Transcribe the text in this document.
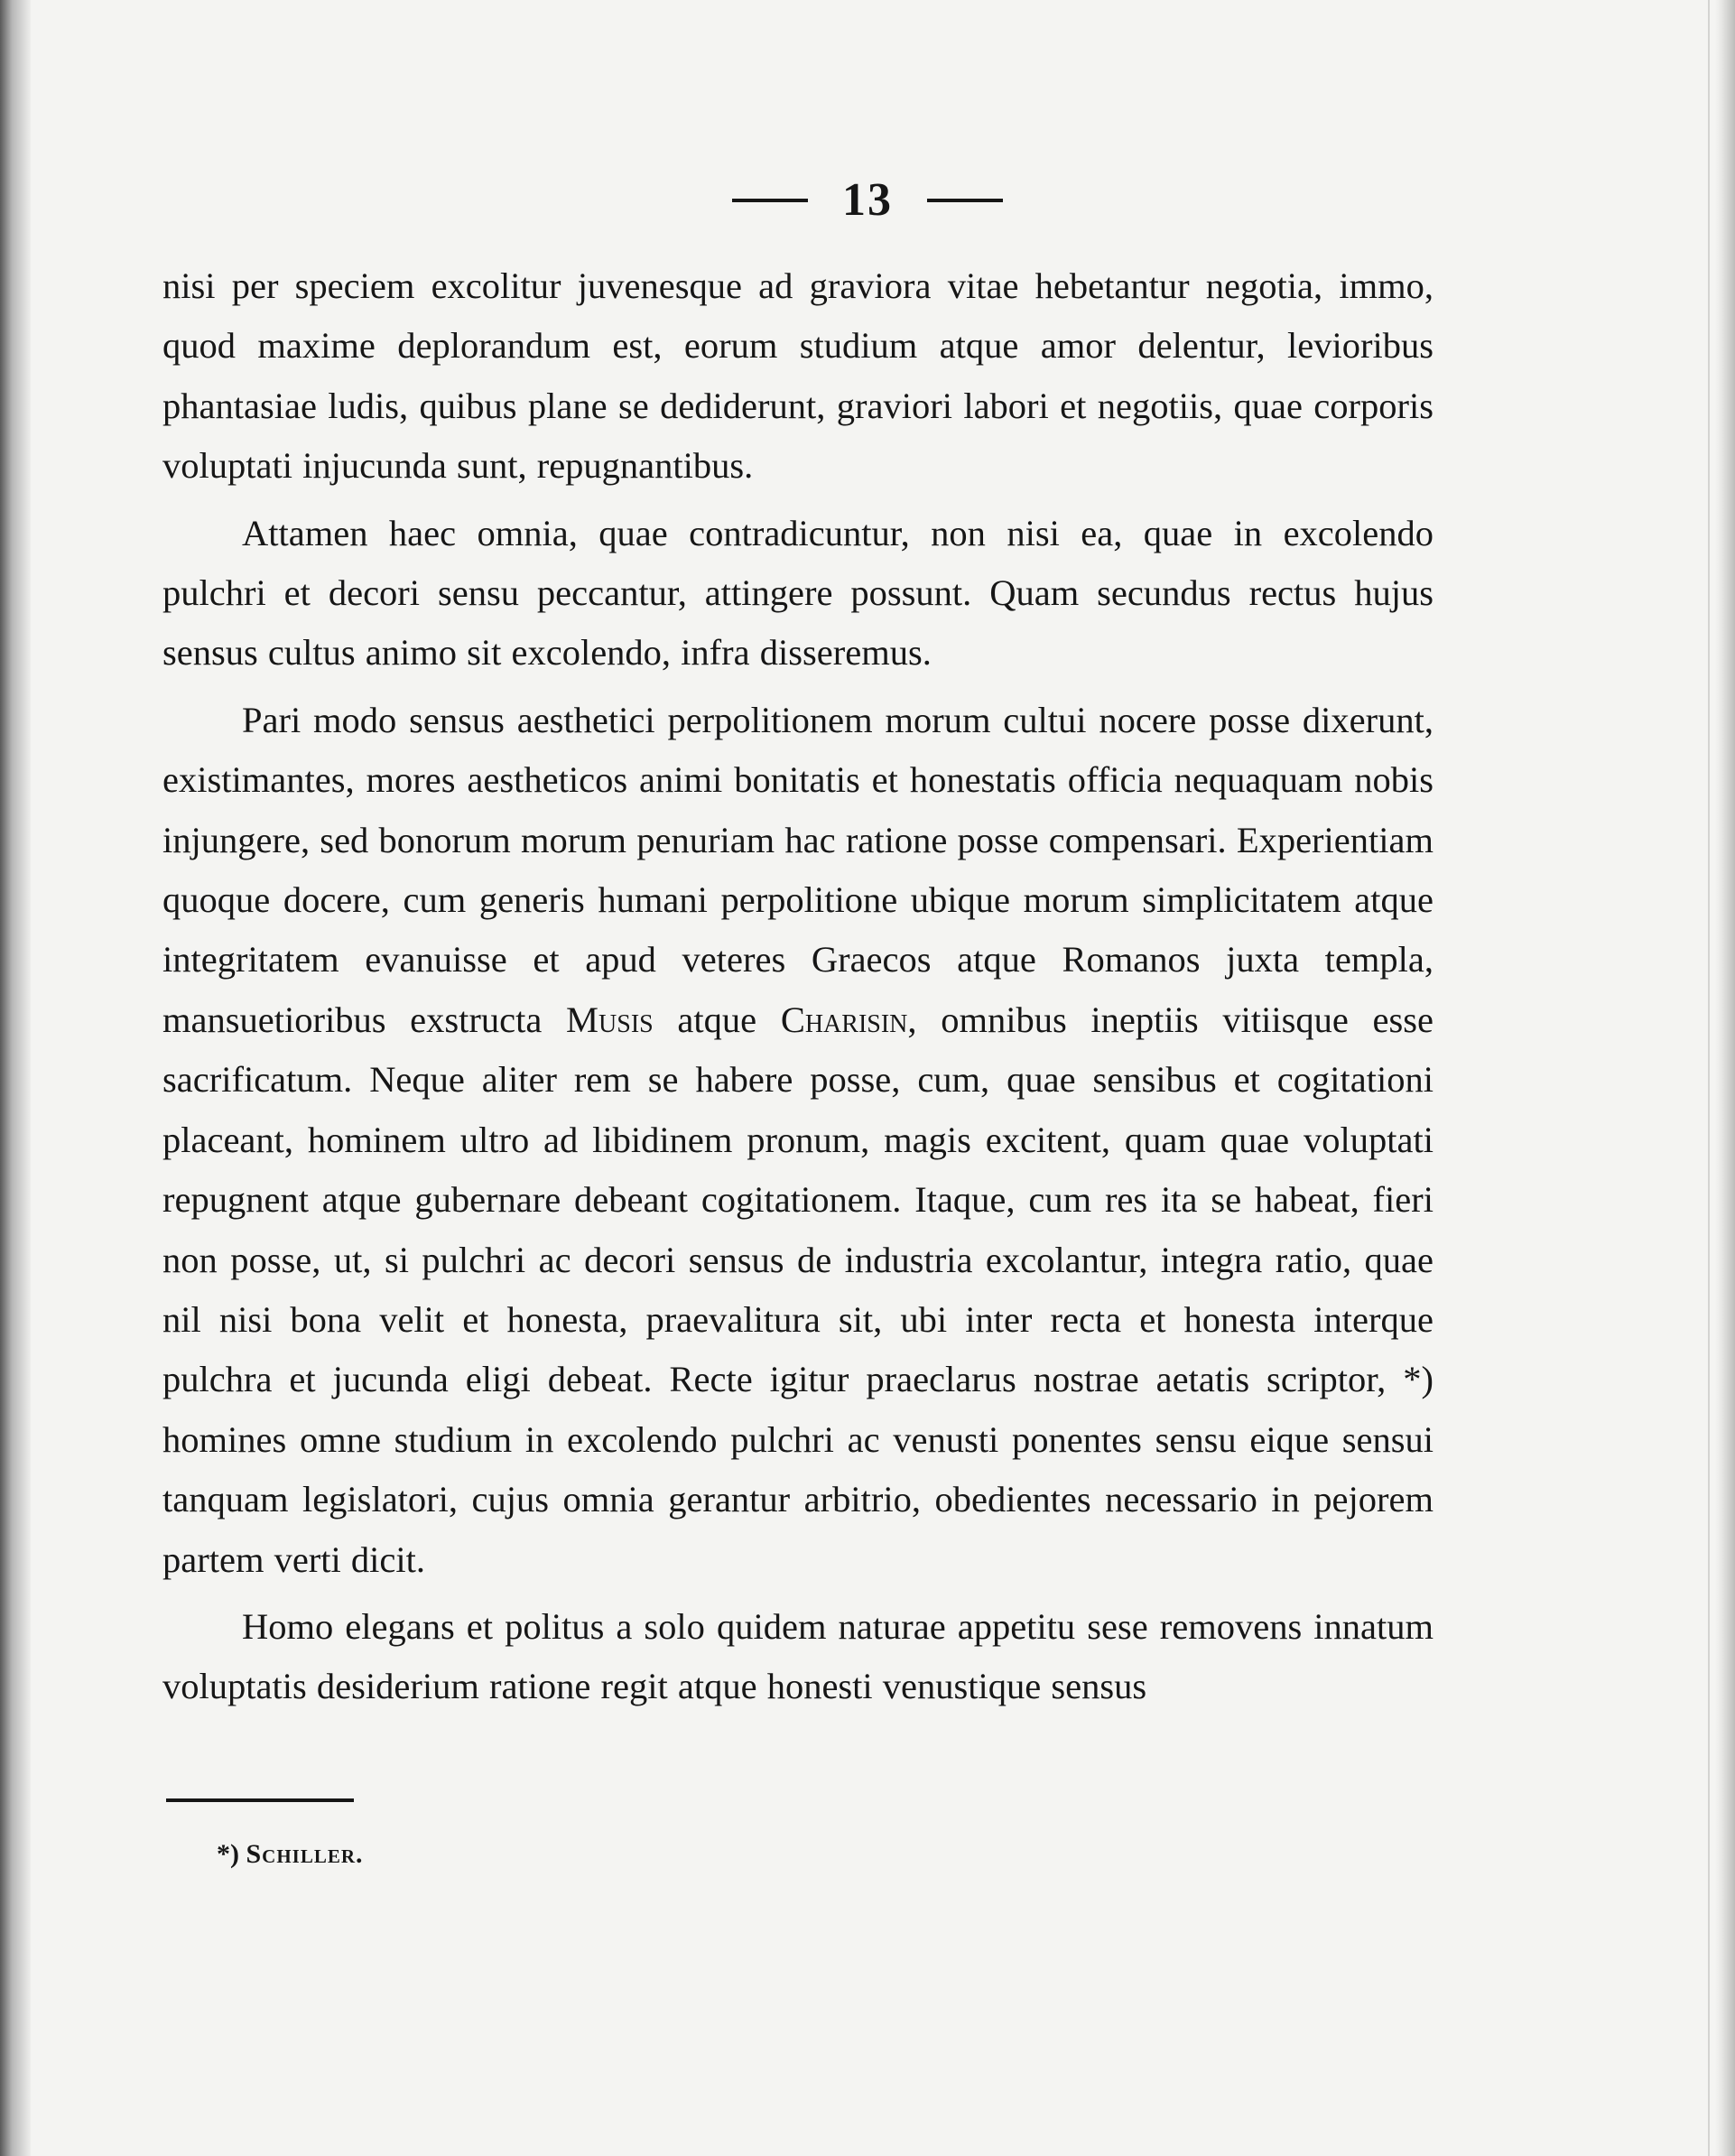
13

nisi per speciem excolitur juvenesque ad graviora vitae hebetantur negotia, immo, quod maxime deplorandum est, eorum studium atque amor delentur, levioribus phantasiae ludis, quibus plane se dediderunt, graviori labori et negotiis, quae corporis voluptati injucunda sunt, repugnantibus.

Attamen haec omnia, quae contradicuntur, non nisi ea, quae in excolendo pulchri et decori sensu peccantur, attingere possunt. Quam secundus rectus hujus sensus cultus animo sit excolendo, infra disseremus.

Pari modo sensus aesthetici perpolitionem morum cultui nocere posse dixerunt, existimantes, mores aestheticos animi bonitatis et honestatis officia nequaquam nobis injungere, sed bonorum morum penuriam hac ratione posse compensari. Experientiam quoque docere, cum generis humani perpolitione ubique morum simplicitatem atque integritatem evanuisse et apud veteres Graecos atque Romanos juxta templa, mansuetioribus exstructa Musis atque Charisin, omnibus ineptiis vitiisque esse sacrificatum. Neque aliter rem se habere posse, cum, quae sensibus et cogitationi placeant, hominem ultro ad libidinem pronum, magis excitent, quam quae voluptati repugnent atque gubernare debeant cogitationem. Itaque, cum res ita se habeat, fieri non posse, ut, si pulchri ac decori sensus de industria excolantur, integra ratio, quae nil nisi bona velit et honesta, praevalitura sit, ubi inter recta et honesta interque pulchra et jucunda eligi debeat. Recte igitur praeclarus nostrae aetatis scriptor, *) homines omne studium in excolendo pulchri ac venusti ponentes sensu eique sensui tanquam legislatori, cujus omnia gerantur arbitrio, obedientes necessario in pejorem partem verti dicit.

Homo elegans et politus a solo quidem naturae appetitu sese removens innatum voluptatis desiderium ratione regit atque honesti venustique sensus

*) Schiller.
